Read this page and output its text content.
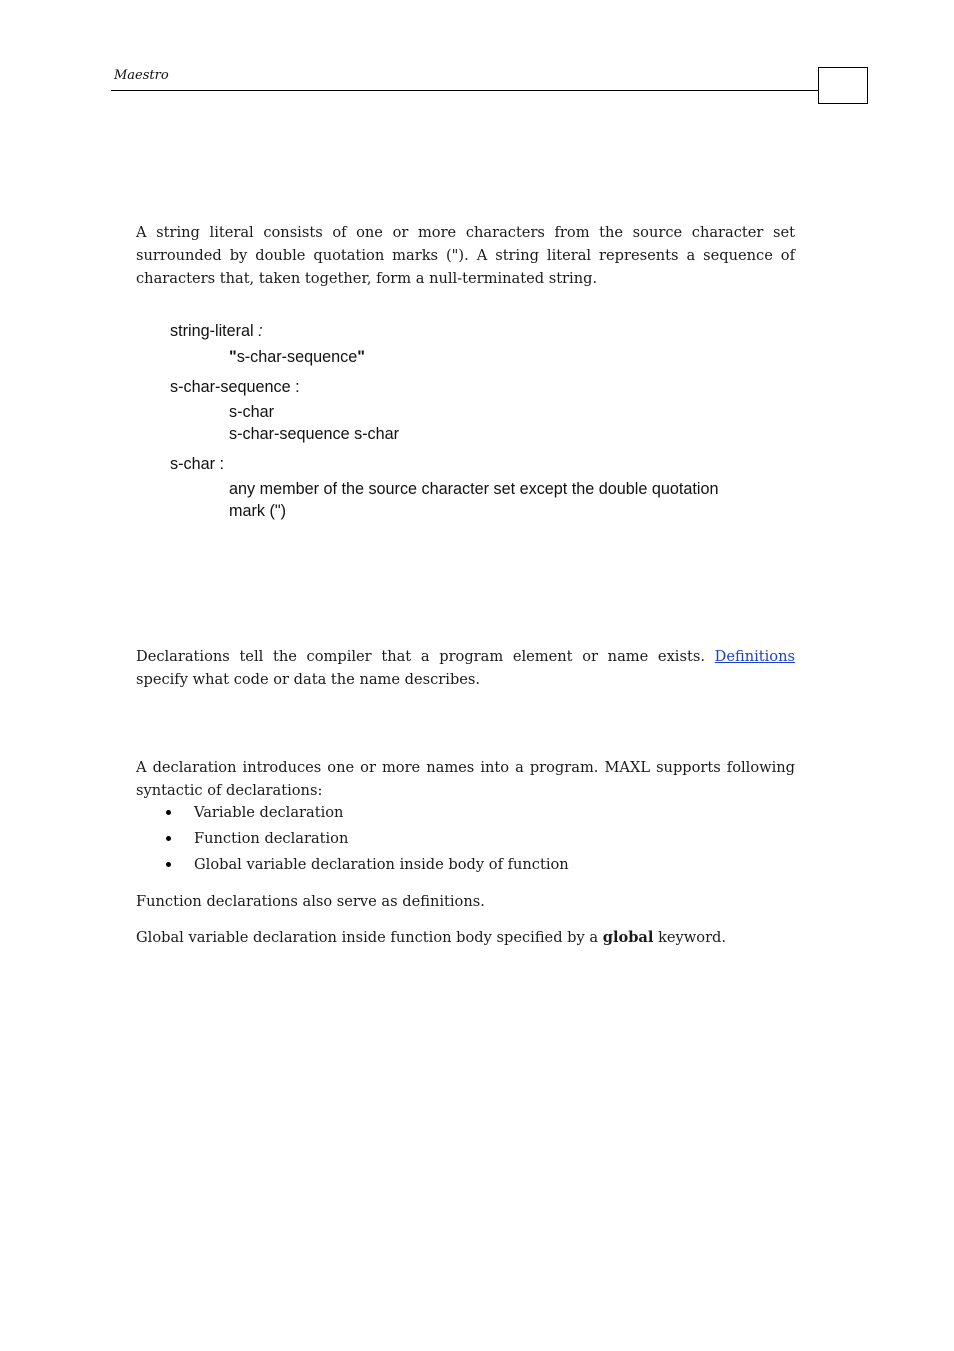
Maestro

A string literal consists of one or more characters from the source character set surrounded by double quotation marks ("). A string literal represents a sequence of characters that, taken together, form a null-terminated string.

string-literal :
"s-char-sequence"
s-char-sequence :
s-char
s-char-sequence s-char
s-char :
any member of the source character set except the double quotation
mark (")

Declarations tell the compiler that a program element or name exists. Definitions specify what code or data the name describes.

A declaration introduces one or more names into a program. MAXL supports following syntactic of declarations:

Variable declaration
Function declaration
Global variable declaration inside body of function
Function declarations also serve as definitions.
Global variable declaration inside function body specified by a global keyword.
